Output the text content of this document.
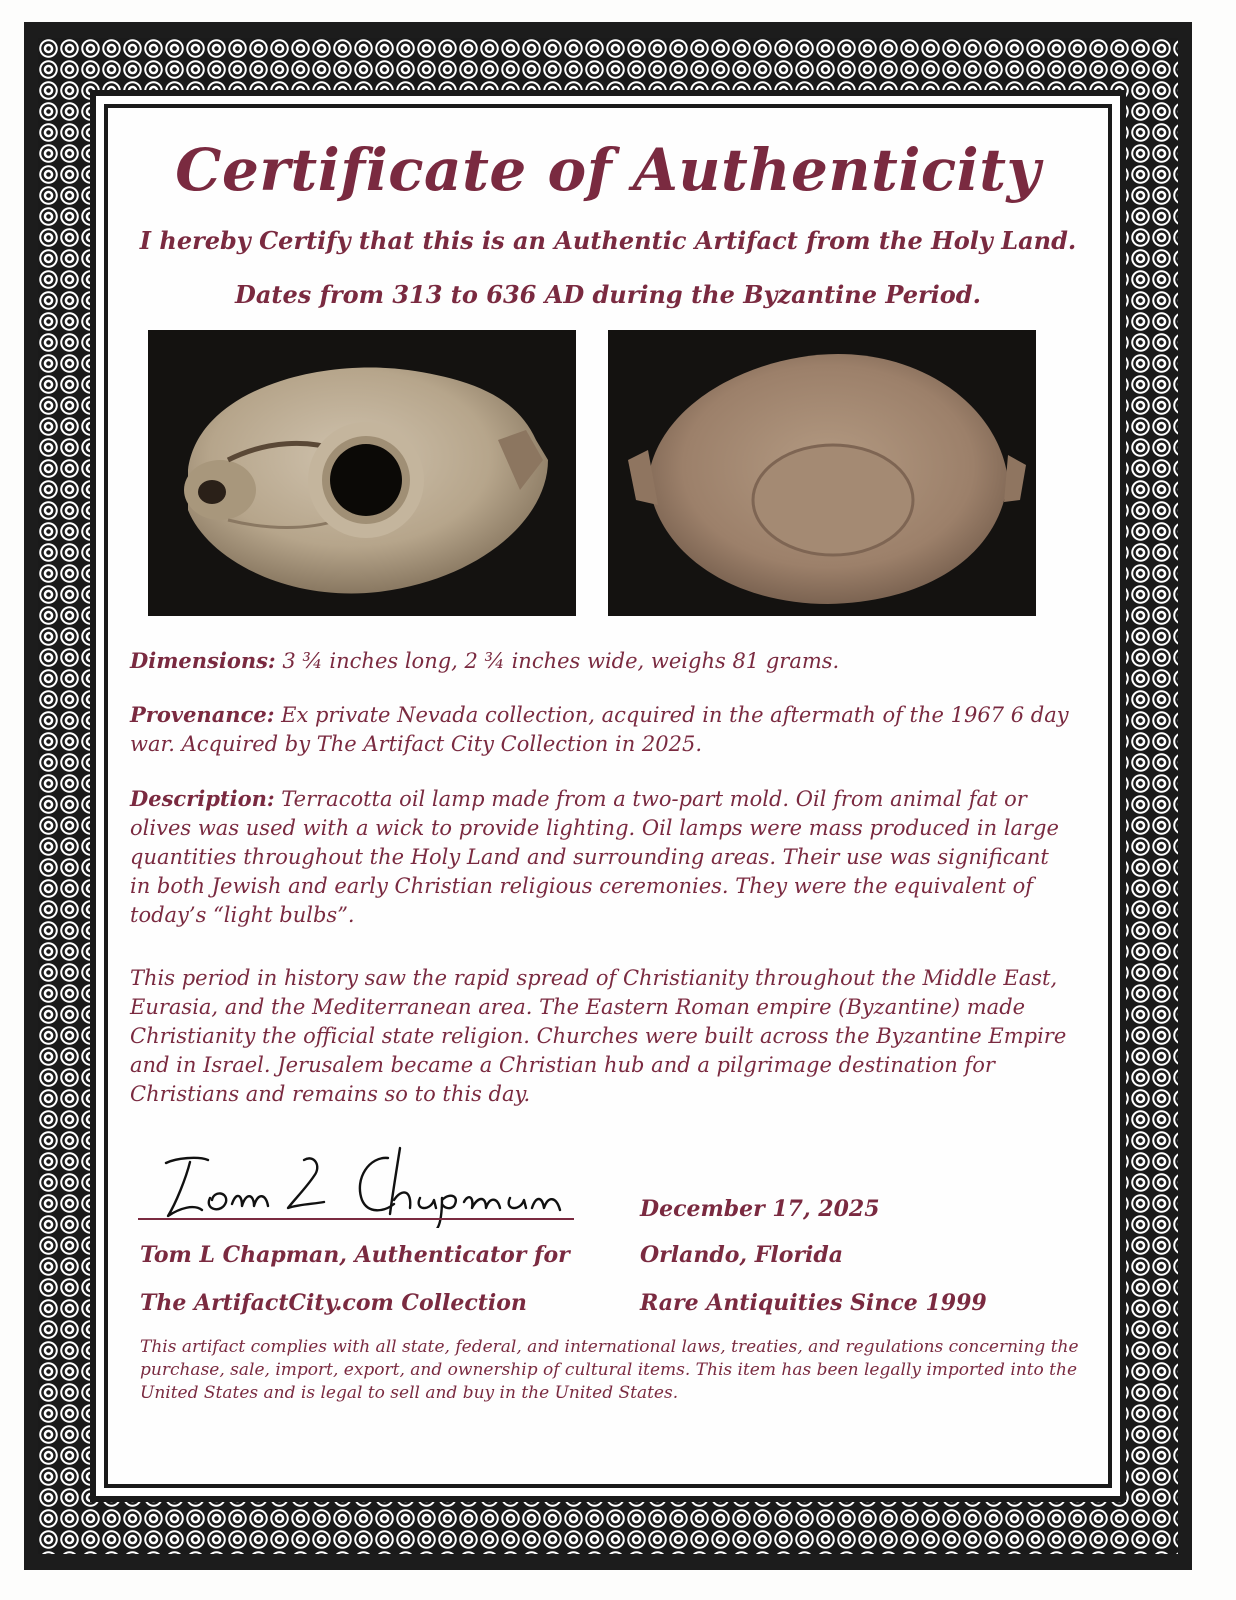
Certificate of Authenticity
I hereby Certify that this is an Authentic Artifact from the Holy Land.
Dates from 313 to 636 AD during the Byzantine Period.
Dimensions: 3 ¾ inches long, 2 ¾ inches wide, weighs 81 grams.
Provenance: Ex private Nevada collection, acquired in the aftermath of the 1967 6 day war. Acquired by The Artifact City Collection in 2025.
Description: Terracotta oil lamp made from a two-part mold. Oil from animal fat or olives was used with a wick to provide lighting. Oil lamps were mass produced in large quantities throughout the Holy Land and surrounding areas. Their use was significant in both Jewish and early Christian religious ceremonies. They were the equivalent of today’s “light bulbs”.
This period in history saw the rapid spread of Christianity throughout the Middle East, Eurasia, and the Mediterranean area. The Eastern Roman empire (Byzantine) made Christianity the official state religion. Churches were built across the Byzantine Empire and in Israel. Jerusalem became a Christian hub and a pilgrimage destination for Christians and remains so to this day.
Tom L Chapman, Authenticator for
The ArtifactCity.com Collection
December 17, 2025
Orlando, Florida
Rare Antiquities Since 1999
This artifact complies with all state, federal, and international laws, treaties, and regulations concerning the purchase, sale, import, export, and ownership of cultural items. This item has been legally imported into the United States and is legal to sell and buy in the United States.
